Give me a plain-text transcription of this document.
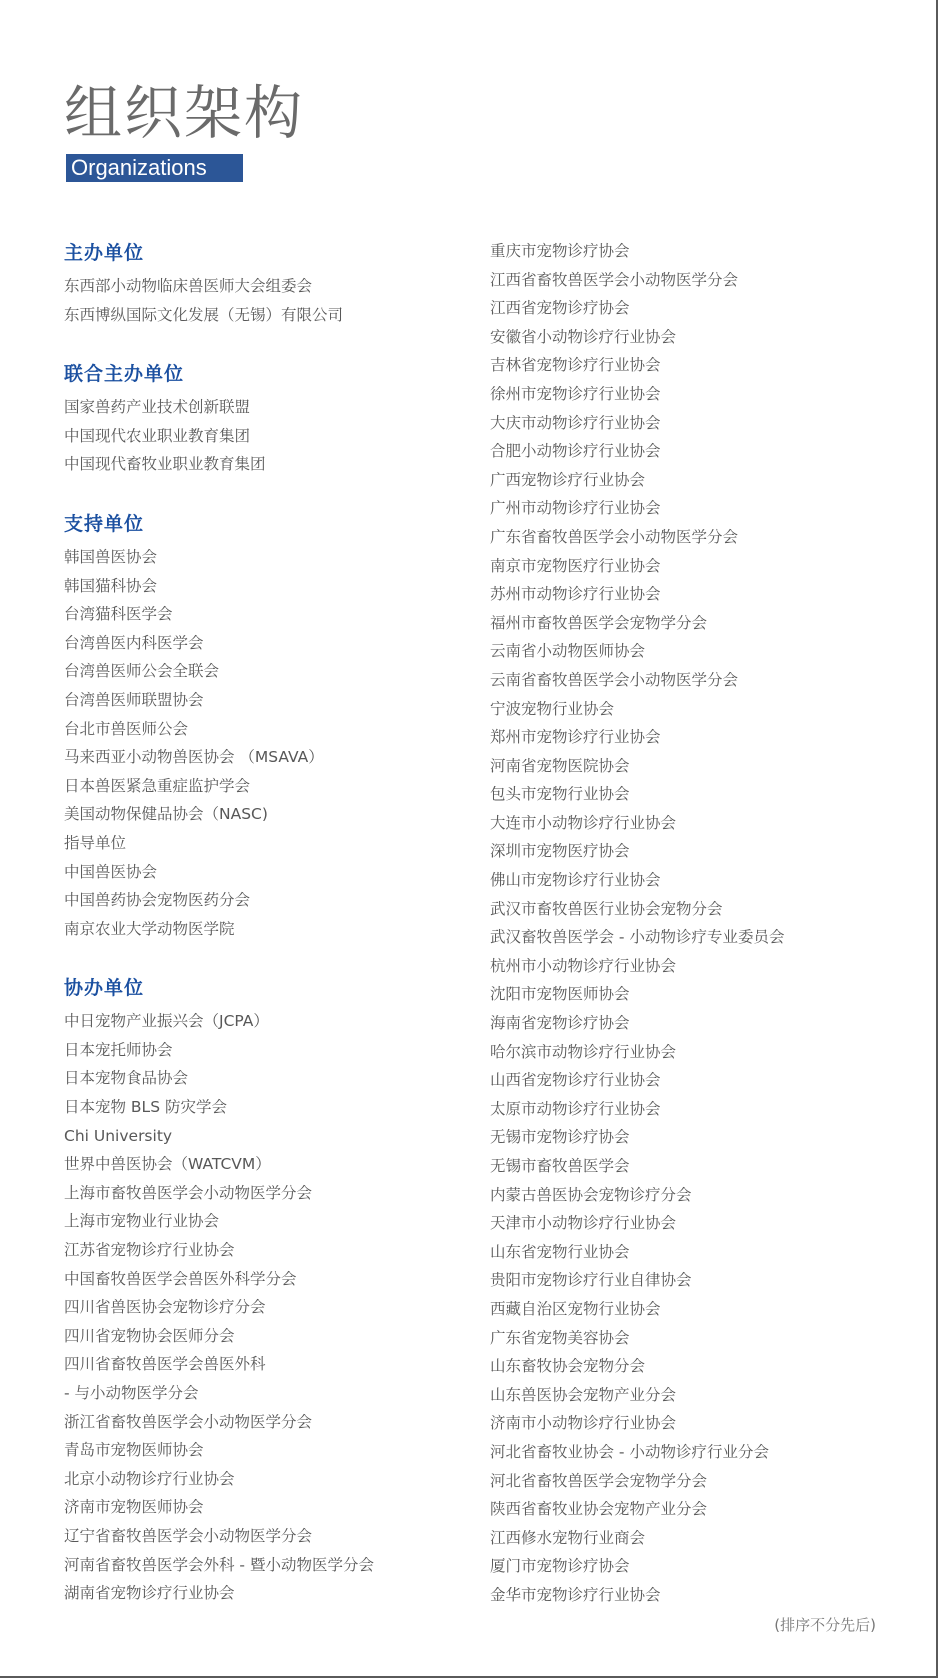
组织架构
Organizations
主办单位
东西部小动物临床兽医师大会组委会
东西博纵国际文化发展（无锡）有限公司
联合主办单位
国家兽药产业技术创新联盟
中国现代农业职业教育集团
中国现代畜牧业职业教育集团
支持单位
韩国兽医协会
韩国猫科协会
台湾猫科医学会
台湾兽医内科医学会
台湾兽医师公会全联会
台湾兽医师联盟协会
台北市兽医师公会
马来西亚小动物兽医协会 （MSAVA）
日本兽医紧急重症监护学会
美国动物保健品协会（NASC)
指导单位
中国兽医协会
中国兽药协会宠物医药分会
南京农业大学动物医学院
协办单位
中日宠物产业振兴会（JCPA）
日本宠托师协会
日本宠物食品协会
日本宠物 BLS 防灾学会
Chi University
世界中兽医协会（WATCVM）
上海市畜牧兽医学会小动物医学分会
上海市宠物业行业协会
江苏省宠物诊疗行业协会
中国畜牧兽医学会兽医外科学分会
四川省兽医协会宠物诊疗分会
四川省宠物协会医师分会
四川省畜牧兽医学会兽医外科
- 与小动物医学分会
浙江省畜牧兽医学会小动物医学分会
青岛市宠物医师协会
北京小动物诊疗行业协会
济南市宠物医师协会
辽宁省畜牧兽医学会小动物医学分会
河南省畜牧兽医学会外科 - 暨小动物医学分会
湖南省宠物诊疗行业协会
重庆市宠物诊疗协会
江西省畜牧兽医学会小动物医学分会
江西省宠物诊疗协会
安徽省小动物诊疗行业协会
吉林省宠物诊疗行业协会
徐州市宠物诊疗行业协会
大庆市动物诊疗行业协会
合肥小动物诊疗行业协会
广西宠物诊疗行业协会
广州市动物诊疗行业协会
广东省畜牧兽医学会小动物医学分会
南京市宠物医疗行业协会
苏州市动物诊疗行业协会
福州市畜牧兽医学会宠物学分会
云南省小动物医师协会
云南省畜牧兽医学会小动物医学分会
宁波宠物行业协会
郑州市宠物诊疗行业协会
河南省宠物医院协会
包头市宠物行业协会
大连市小动物诊疗行业协会
深圳市宠物医疗协会
佛山市宠物诊疗行业协会
武汉市畜牧兽医行业协会宠物分会
武汉畜牧兽医学会 - 小动物诊疗专业委员会
杭州市小动物诊疗行业协会
沈阳市宠物医师协会
海南省宠物诊疗协会
哈尔滨市动物诊疗行业协会
山西省宠物诊疗行业协会
太原市动物诊疗行业协会
无锡市宠物诊疗协会
无锡市畜牧兽医学会
内蒙古兽医协会宠物诊疗分会
天津市小动物诊疗行业协会
山东省宠物行业协会
贵阳市宠物诊疗行业自律协会
西藏自治区宠物行业协会
广东省宠物美容协会
山东畜牧协会宠物分会
山东兽医协会宠物产业分会
济南市小动物诊疗行业协会
河北省畜牧业协会 - 小动物诊疗行业分会
河北省畜牧兽医学会宠物学分会
陕西省畜牧业协会宠物产业分会
江西修水宠物行业商会
厦门市宠物诊疗协会
金华市宠物诊疗行业协会
(排序不分先后)
